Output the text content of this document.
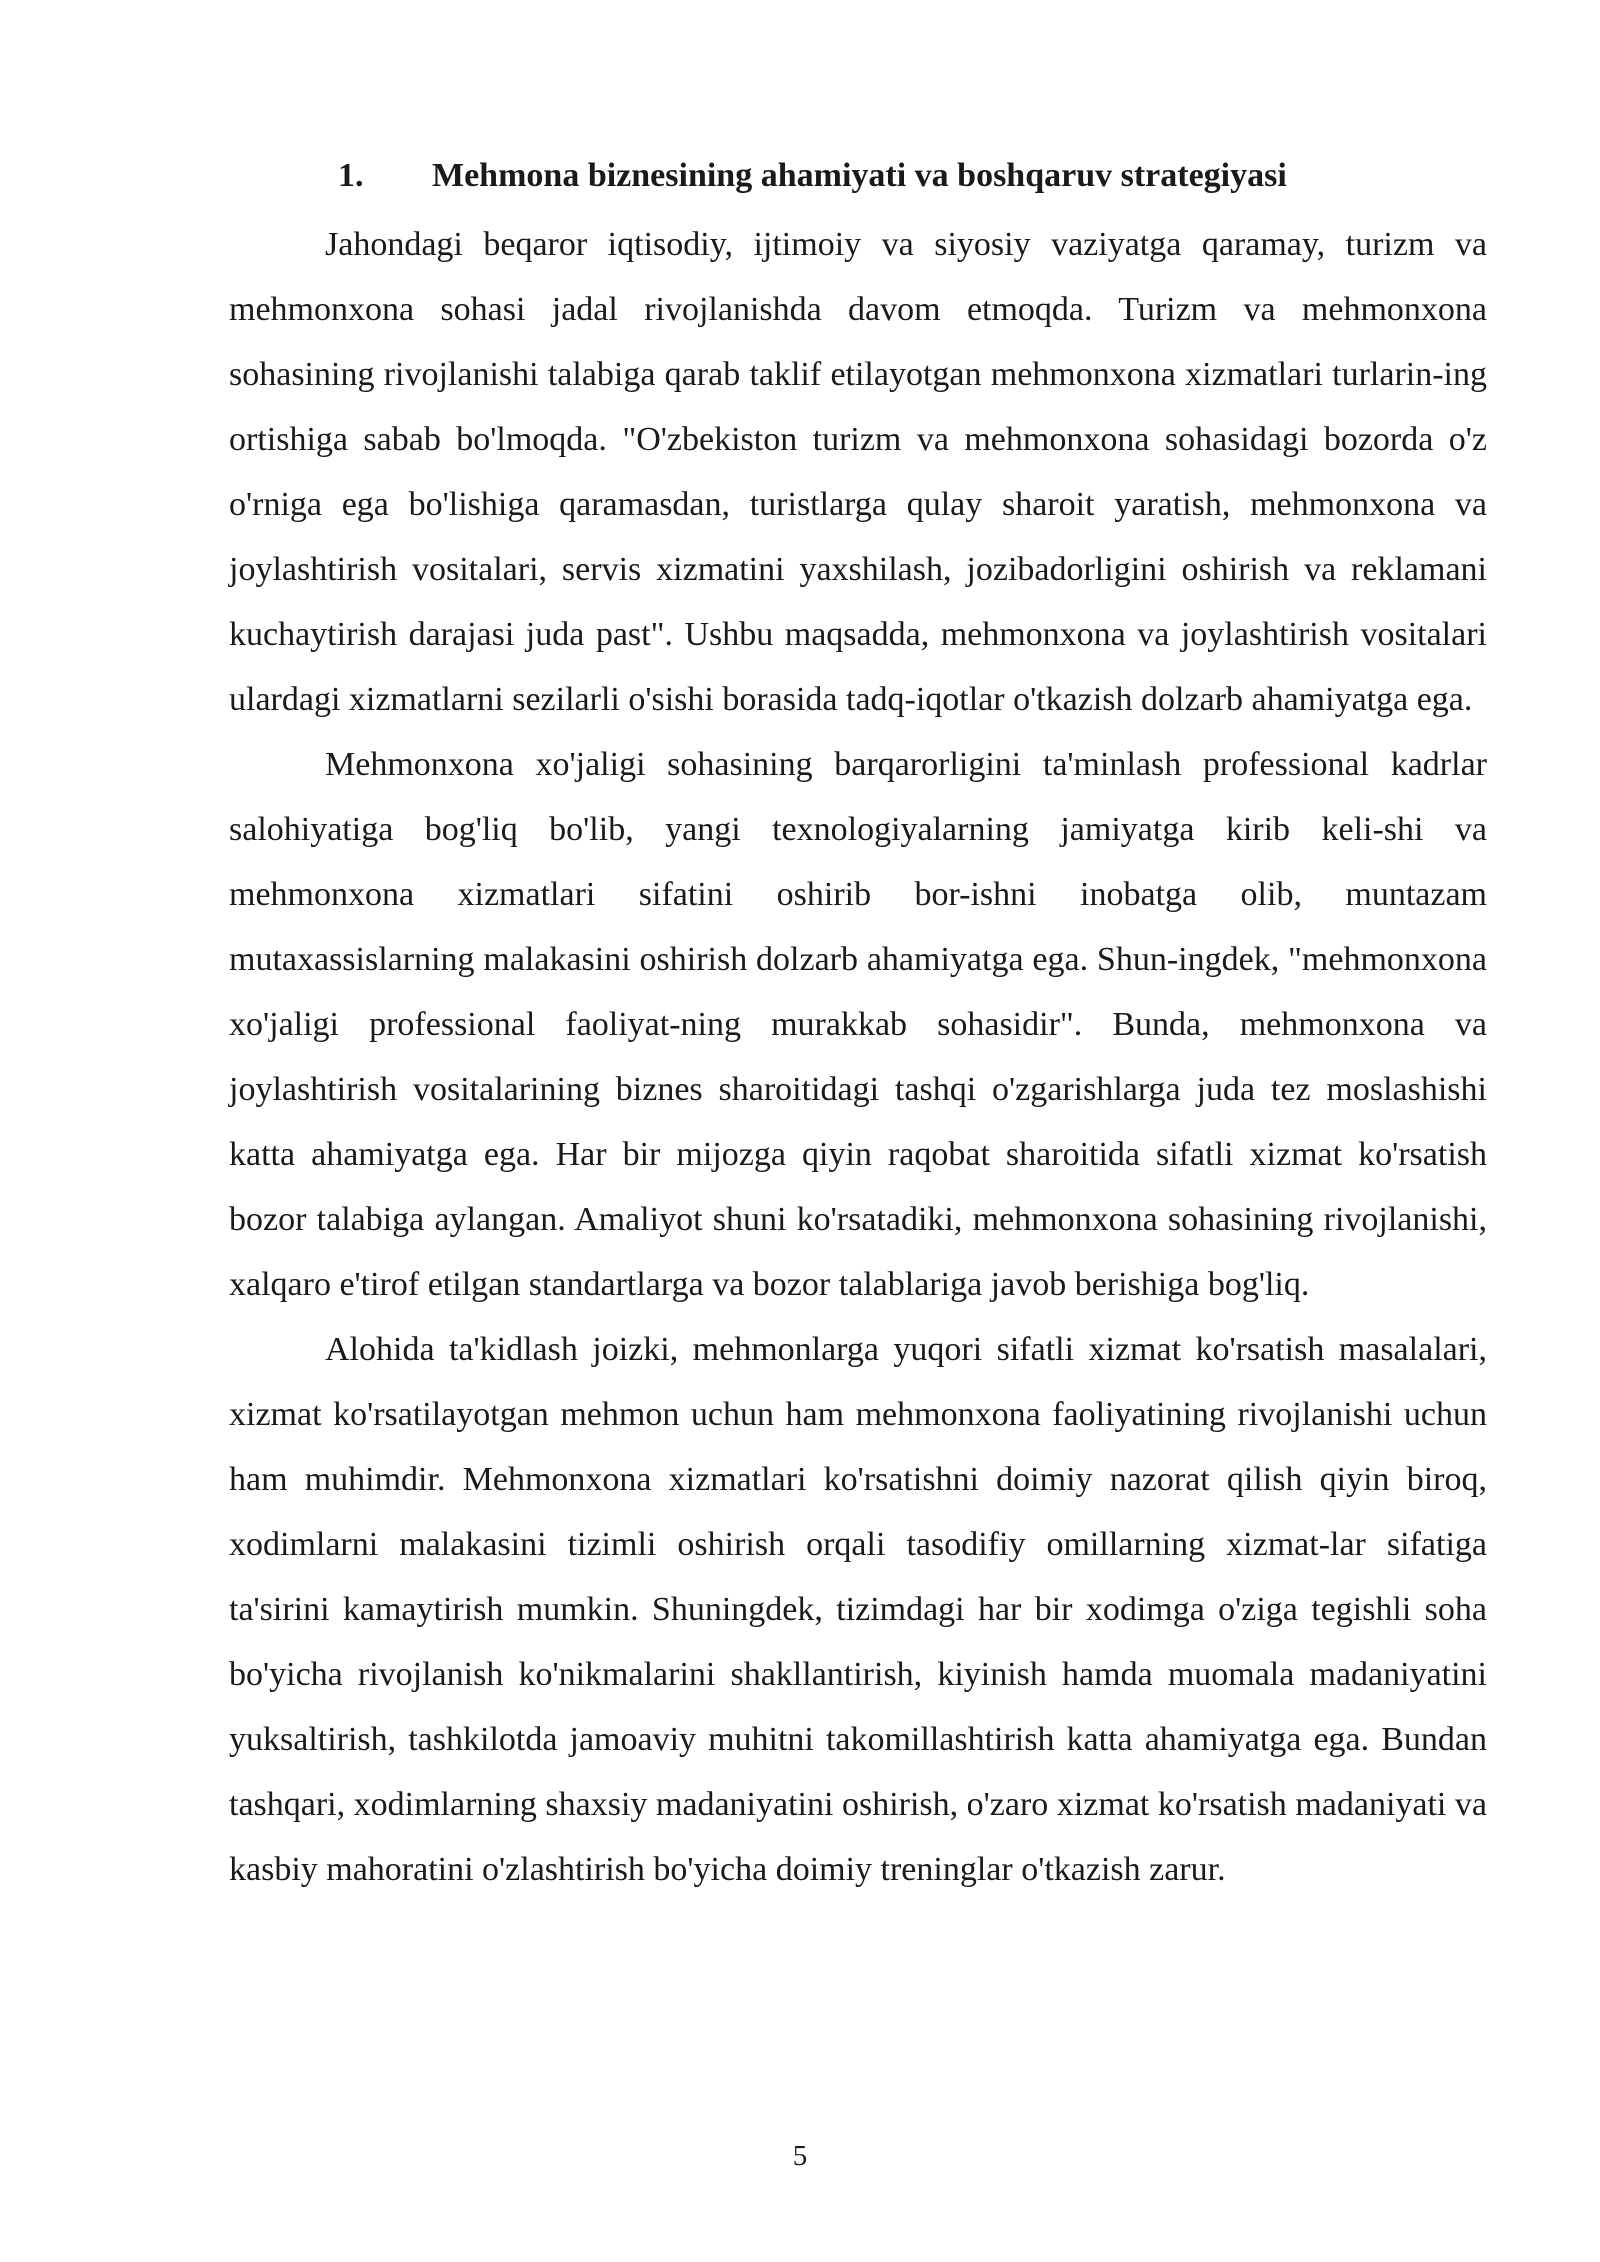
1. Mehmona biznesining ahamiyati va boshqaruv strategiyasi

Jahondagi beqaror iqtisodiy, ijtimoiy va siyosiy vaziyatga qaramay, turizm va mehmonxona sohasi jadal rivojlanishda davom etmoqda. Turizm va mehmonxona sohasining rivojlanishi talabiga qarab taklif etilayotgan mehmonxona xizmatlari turlarin-ing ortishiga sabab bo'lmoqda. "O'zbekiston turizm va mehmonxona sohasidagi bozorda o'z o'rniga ega bo'lishiga qaramasdan, turistlarga qulay sharoit yaratish, mehmonxona va joylashtirish vositalari, servis xizmatini yaxshilash, jozibadorligini oshirish va reklamani kuchaytirish darajasi juda past". Ushbu maqsadda, mehmonxona va joylashtirish vositalari ulardagi xizmatlarni sezilarli o'sishi borasida tadq-iqotlar o'tkazish dolzarb ahamiyatga ega.

Mehmonxona xo'jaligi sohasining barqarorligini ta'minlash professional kadrlar salohiyatiga bog'liq bo'lib, yangi texnologiyalarning jamiyatga kirib keli-shi va mehmonxona xizmatlari sifatini oshirib bor-ishni inobatga olib, muntazam mutaxassislarning malakasini oshirish dolzarb ahamiyatga ega. Shun-ingdek, "mehmonxona xo'jaligi professional faoliyat-ning murakkab sohasidir". Bunda, mehmonxona va joylashtirish vositalarining biznes sharoitidagi tashqi o'zgarishlarga juda tez moslashishi katta ahamiyatga ega. Har bir mijozga qiyin raqobat sharoitida sifatli xizmat ko'rsatish bozor talabiga aylangan. Amaliyot shuni ko'rsatadiki, mehmonxona sohasining rivojlanishi, xalqaro e'tirof etilgan standartlarga va bozor talablariga javob berishiga bog'liq.

Alohida ta'kidlash joizki, mehmonlarga yuqori sifatli xizmat ko'rsatish masalalari, xizmat ko'rsatilayotgan mehmon uchun ham mehmonxona faoliyatining rivojlanishi uchun ham muhimdir. Mehmonxona xizmatlari ko'rsatishni doimiy nazorat qilish qiyin biroq, xodimlarni malakasini tizimli oshirish orqali tasodifiy omillarning xizmat-lar sifatiga ta'sirini kamaytirish mumkin. Shuningdek, tizimdagi har bir xodimga o'ziga tegishli soha bo'yicha rivojlanish ko'nikmalarini shakllantirish, kiyinish hamda muomala madaniyatini yuksaltirish, tashkilotda jamoaviy muhitni takomillashtirish katta ahamiyatga ega. Bundan tashqari, xodimlarning shaxsiy madaniyatini oshirish, o'zaro xizmat ko'rsatish madaniyati va kasbiy mahoratini o'zlashtirish bo'yicha doimiy treninglar o'tkazish zarur.

5
